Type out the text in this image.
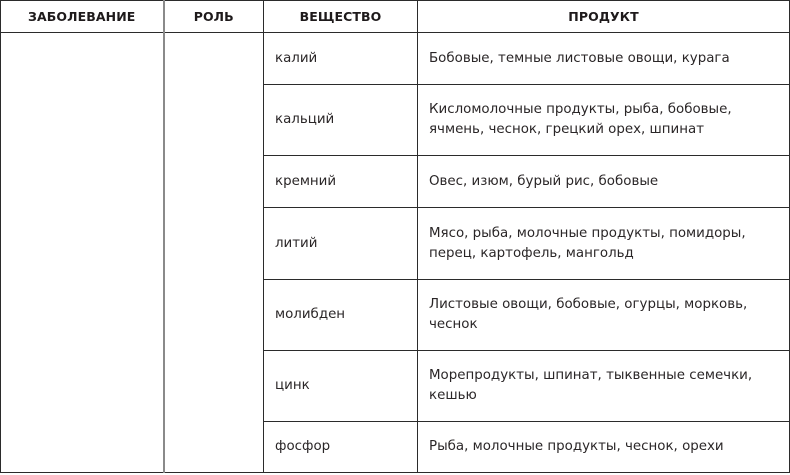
ЗАБОЛЕВАНИЕ	РОЛЬ	ВЕЩЕСТВО	ПРОДУКТ
		калий	Бобовые, темные листовые овощи, курага
		кальций	Кисломолочные продукты, рыба, бобовые, ячмень, чеснок, грецкий орех, шпинат
		кремний	Овес, изюм, бурый рис, бобовые
		литий	Мясо, рыба, молочные продукты, помидоры, перец, картофель, мангольд
		молибден	Листовые овощи, бобовые, огурцы, морковь, чеснок
		цинк	Морепродукты, шпинат, тыквенные семечки, кешью
		фосфор	Рыба, молочные продукты, чеснок, орехи
